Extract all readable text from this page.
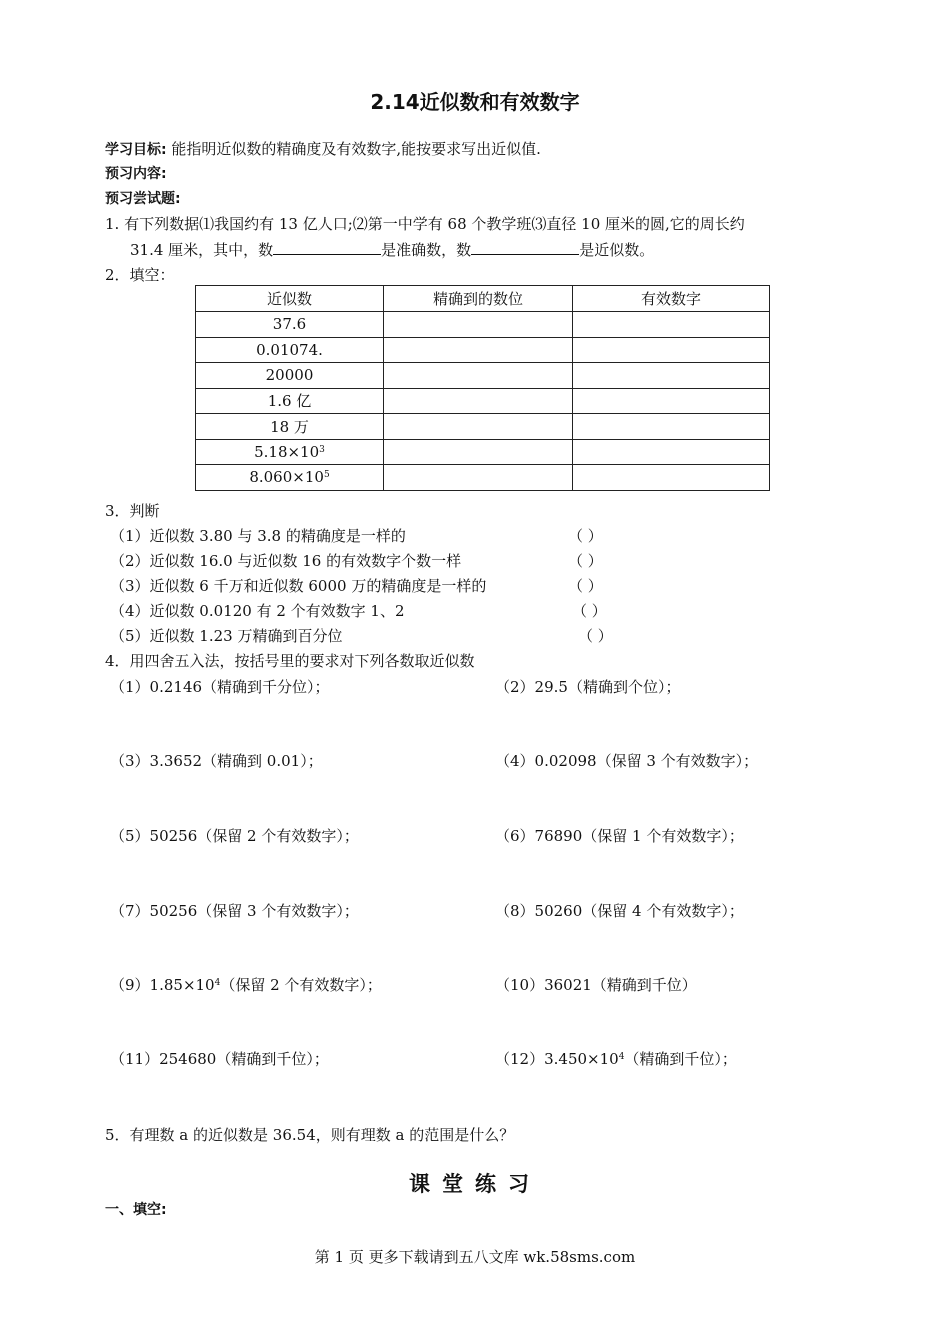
2.14近似数和有效数字
学习目标: 能指明近似数的精确度及有效数字,能按要求写出近似值.
预习内容:
预习尝试题:
1. 有下列数据⑴我国约有 13 亿人口;⑵第一中学有 68 个教学班⑶直径 10 厘米的圆,它的周长约
31.4 厘米，其中，数	是准确数，数	是近似数。
2．填空：
近似数	精确到的数位	有效数字
37.6		
0.01074.		
20000		
1.6 亿		
18 万		
$5.18\times 10^3$		
$8.060\times 10^5$		
3．判断
（1）近似数 3.80 与 3.8 的精确度是一样的	（ ）
（2）近似数 16.0 与近似数 16 的有效数字个数一样	（ ）
（3）近似数 6 千万和近似数 6000 万的精确度是一样的	（ ）
（4）近似数 0.0120 有 2 个有效数字 1、2	（ ）
（5）近似数 1.23 万精确到百分位	（ ）
4．用四舍五入法，按括号里的要求对下列各数取近似数
（1）0.2146（精确到千分位）；	（2）29.5（精确到个位）；
（3）3.3652（精确到 0.01）；	（4）0.02098（保留 3 个有效数字）；
（5）50256（保留 2 个有效数字）；	（6）76890（保留 1 个有效数字）；
（7）50256（保留 3 个有效数字）；	（8）50260（保留 4 个有效数字）；
$(9)1.85\times 10^4$（保留 2 个有效数字）；	（10）36021（精确到千位）
（11）254680（精确到千位）；	$(12)3.450\times 10^4$（精确到千位）；
5．有理数 a 的近似数是 36.54，则有理数 a 的范围是什么？
课堂练习
一、填空:
第 1 页 更多下载请到五八文库 wk.58sms.com
